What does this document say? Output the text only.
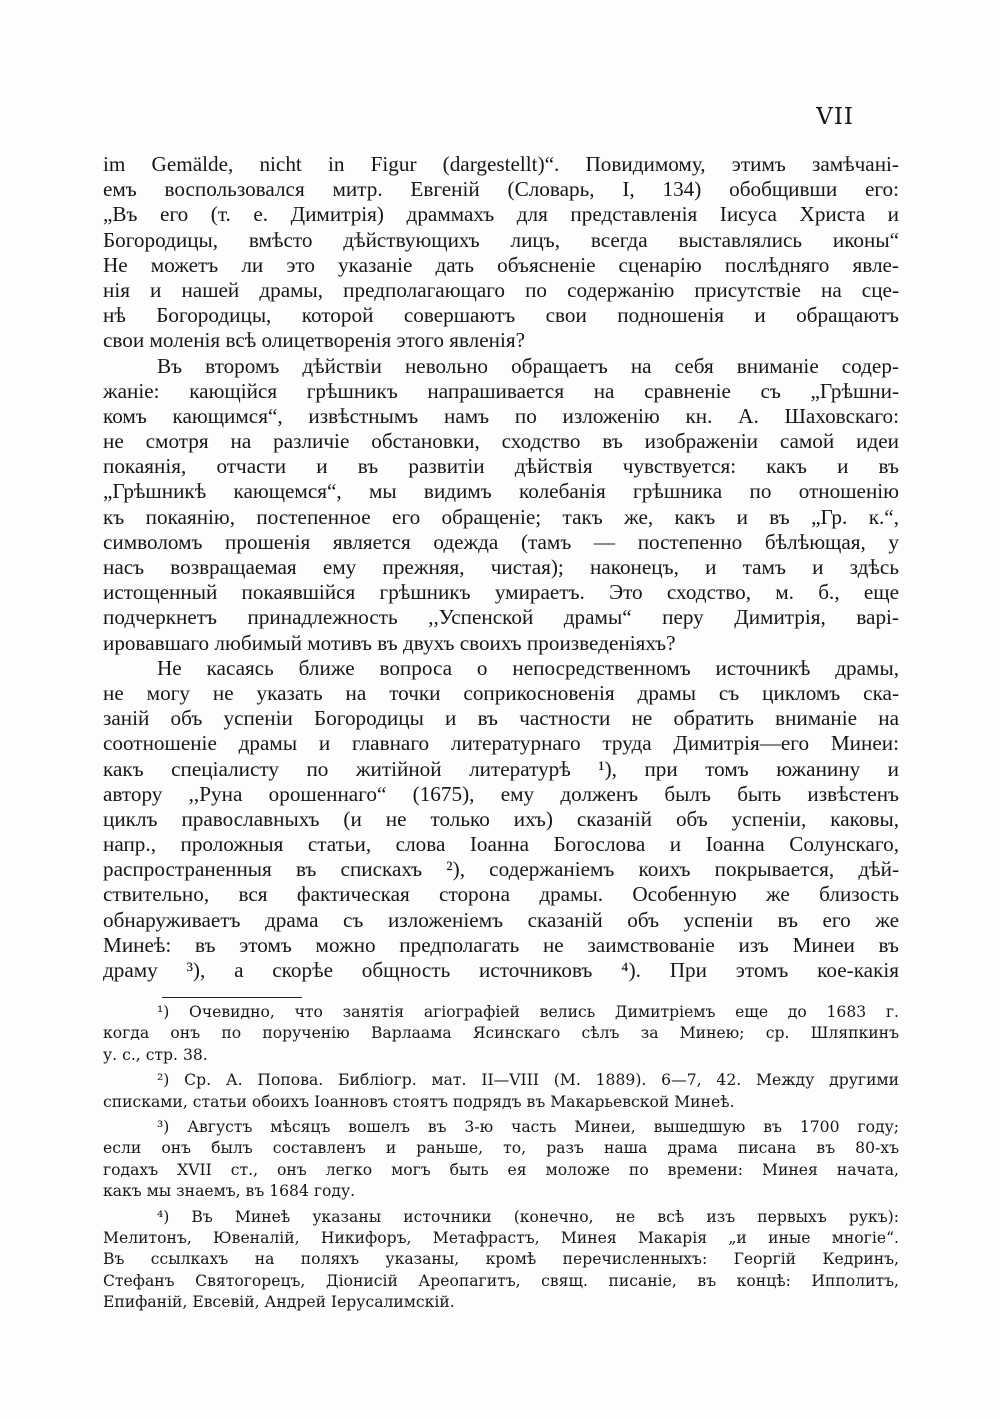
VII
im Gemälde, nicht in Figur (dargestellt)“. Повидимому, этимъ замѣчані-
емъ воспользовался митр. Евгеній (Словарь, I, 134) обобщивши его:
„Въ его (т. е. Димитрія) драммахъ для представленія Іисуса Христа и
Богородицы, вмѣсто дѣйствующихъ лицъ, всегда выставлялись иконы“
Не можетъ ли это указаніе дать объясненіе сценарію послѣдняго явле-
нія и нашей драмы, предполагающаго по содержанію присутствіе на сце-
нѣ Богородицы, которой совершаютъ свои подношенія и обращаютъ
свои моленія всѣ олицетворенія этого явленія?
Въ второмъ дѣйствіи невольно обращаетъ на себя вниманіе содер-
жаніе: кающійся грѣшникъ напрашивается на сравненіе съ „Грѣшни-
комъ кающимся“, извѣстнымъ намъ по изложенію кн. А. Шаховскаго:
не смотря на различіе обстановки, сходство въ изображеніи самой идеи
покаянія, отчасти и въ развитіи дѣйствія чувствуется: какъ и въ
„Грѣшникѣ кающемся“, мы видимъ колебанія грѣшника по отношенію
къ покаянію, постепенное его обращеніе; такъ же, какъ и въ „Гр. к.“,
символомъ прошенія является одежда (тамъ — постепенно бѣлѣющая, у
насъ возвращаемая ему прежняя, чистая); наконецъ, и тамъ и здѣсь
истощенный покаявшійся грѣшникъ умираетъ. Это сходство, м. б., еще
подчеркнетъ принадлежность ,,Успенской драмы“ перу Димитрія, варі-
ировавшаго любимый мотивъ въ двухъ своихъ произведеніяхъ?
Не касаясь ближе вопроса о непосредственномъ источникѣ драмы,
не могу не указать на точки соприкосновенія драмы съ цикломъ ска-
заній объ успеніи Богородицы и въ частности не обратить вниманіе на
соотношеніе драмы и главнаго литературнаго труда Димитрія—его Минеи:
какъ спеціалисту по житійной литературѣ ¹), при томъ южанину и
автору ,,Руна орошеннаго“ (1675), ему долженъ былъ быть извѣстенъ
циклъ православныхъ (и не только ихъ) сказаній объ успеніи, каковы,
напр., проложныя статьи, слова Іоанна Богослова и Іоанна Солунскаго,
распространенныя въ спискахъ ²), содержаніемъ коихъ покрывается, дѣй-
ствительно, вся фактическая сторона драмы. Особенную же близость
обнаруживаетъ драма съ изложеніемъ сказаній объ успеніи въ его же
Минеѣ: въ этомъ можно предполагать не заимствованіе изъ Минеи въ
драму ³), а скорѣе общность источниковъ ⁴). При этомъ кое-какія
¹) Очевидно, что занятія агіографіей велись Димитріемъ еще до 1683 г.
когда онъ по порученію Варлаама Ясинскаго сѣлъ за Минею; ср. Шляпкинъ
у. с., стр. 38.
²) Ср. А. Попова. Библіогр. мат. II—VIII (М. 1889). 6—7, 42. Между другими
списками, статьи обоихъ Іоанновъ стоятъ подрядъ въ Макарьевской Минеѣ.
³) Августъ мѣсяцъ вошелъ въ 3-ю часть Минеи, вышедшую въ 1700 году;
если онъ былъ составленъ и раньше, то, разъ наша драма писана въ 80-хъ
годахъ XVII ст., онъ легко могъ быть ея моложе по времени: Минея начата,
какъ мы знаемъ, въ 1684 году.
⁴) Въ Минеѣ указаны источники (конечно, не всѣ изъ первыхъ рукъ):
Мелитонъ, Ювеналій, Никифоръ, Метафрастъ, Минея Макарія „и иные многіе“.
Въ ссылкахъ на поляхъ указаны, кромѣ перечисленныхъ: Георгій Кедринъ,
Стефанъ Святогорецъ, Діонисій Ареопагитъ, свящ. писаніе, въ концѣ: Ипполитъ,
Епифаній, Евсевій, Андрей Іерусалимскій.
